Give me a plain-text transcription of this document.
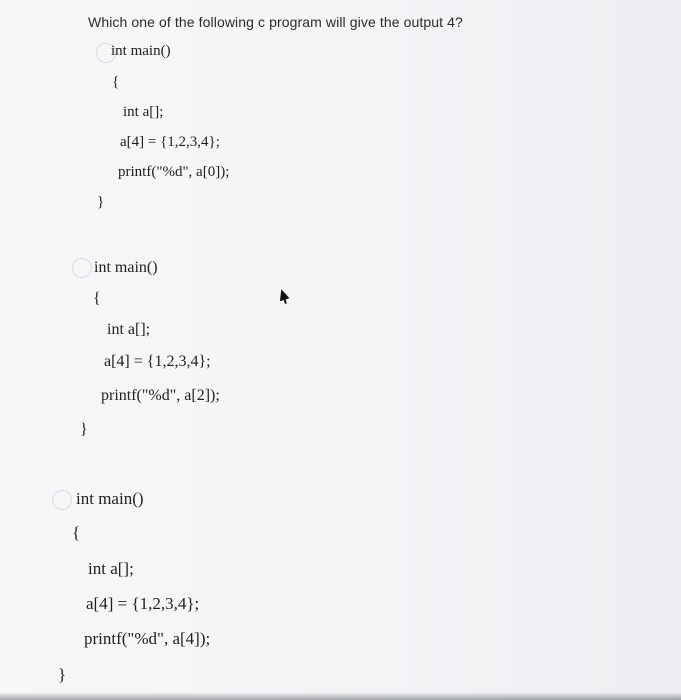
Which one of the following c program will give the output 4?
int main()
{
int a[];
a[4] = {1,2,3,4};
printf("%d", a[0]);
}
int main()
{
int a[];
a[4] = {1,2,3,4};
printf("%d", a[2]);
}
int main()
{
int a[];
a[4] = {1,2,3,4};
printf("%d", a[4]);
}
